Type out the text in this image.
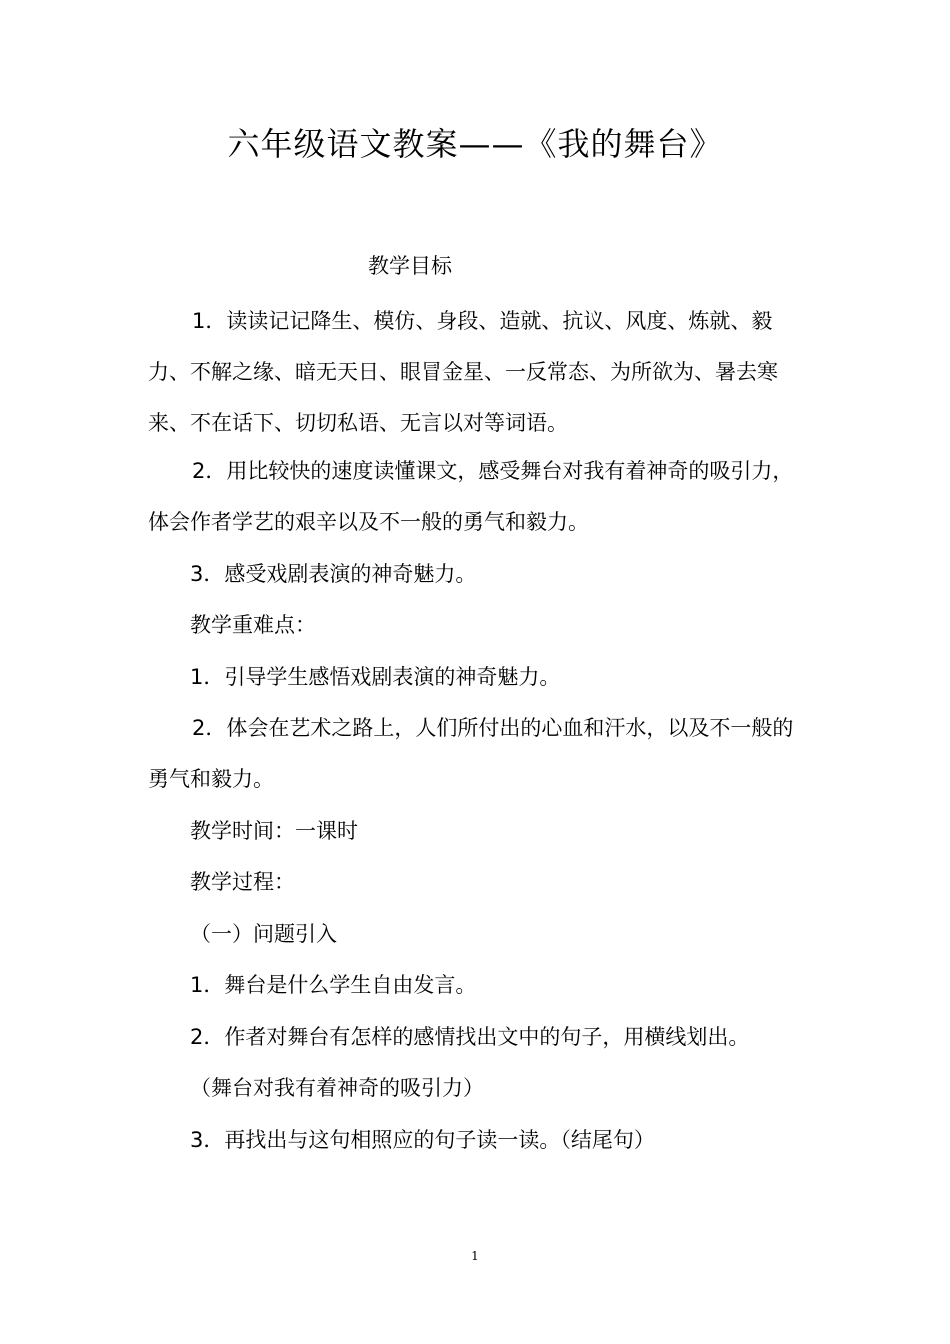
六年级语文教案——《我的舞台》
教学目标

1．读读记记降生、模仿、身段、造就、抗议、风度、炼就、毅力、不解之缘、暗无天日、眼冒金星、一反常态、为所欲为、暑去寒来、不在话下、切切私语、无言以对等词语。

2．用比较快的速度读懂课文，感受舞台对我有着神奇的吸引力，体会作者学艺的艰辛以及不一般的勇气和毅力。

3．感受戏剧表演的神奇魅力。
教学重难点：
1．引导学生感悟戏剧表演的神奇魅力。

2．体会在艺术之路上，人们所付出的心血和汗水，以及不一般的勇气和毅力。

教学时间：一课时
教学过程：
（一）问题引入
1．舞台是什么学生自由发言。
2．作者对舞台有怎样的感情找出文中的句子，用横线划出。
（舞台对我有着神奇的吸引力）
3．再找出与这句相照应的句子读一读。（结尾句）
1
